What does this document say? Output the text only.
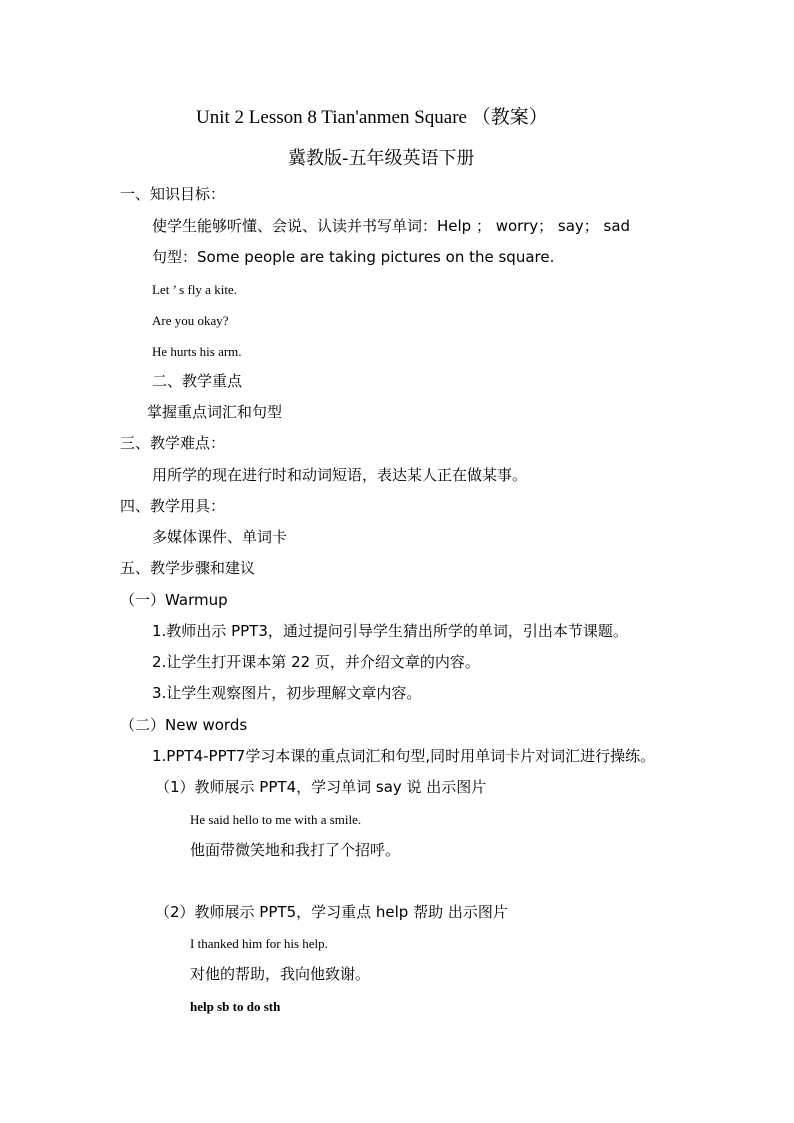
Unit 2 Lesson 8 Tian'anmen Square （教案）
冀教版-五年级英语下册
一、知识目标：
使学生能够听懂、会说、认读并书写单词：Help ； worry； say； sad
句型：Some people are taking pictures on the square.
Let ’ s fly a kite.
Are you okay?
He hurts his arm.
二、教学重点
掌握重点词汇和句型
三、教学难点：
用所学的现在进行时和动词短语，表达某人正在做某事。
四、教学用具：
多媒体课件、单词卡
五、教学步骤和建议
（一）Warmup
1.教师出示 PPT3，通过提问引导学生猜出所学的单词，引出本节课题。
2.让学生打开课本第 22 页，并介绍文章的内容。
3.让学生观察图片，初步理解文章内容。
（二）New words
1.PPT4-PPT7学习本课的重点词汇和句型,同时用单词卡片对词汇进行操练。
（1）教师展示 PPT4，学习单词 say 说 出示图片
He said hello to me with a smile.
他面带微笑地和我打了个招呼。
（2）教师展示 PPT5，学习重点 help 帮助 出示图片
I thanked him for his help.
对他的帮助，我向他致谢。
help sb to do sth
